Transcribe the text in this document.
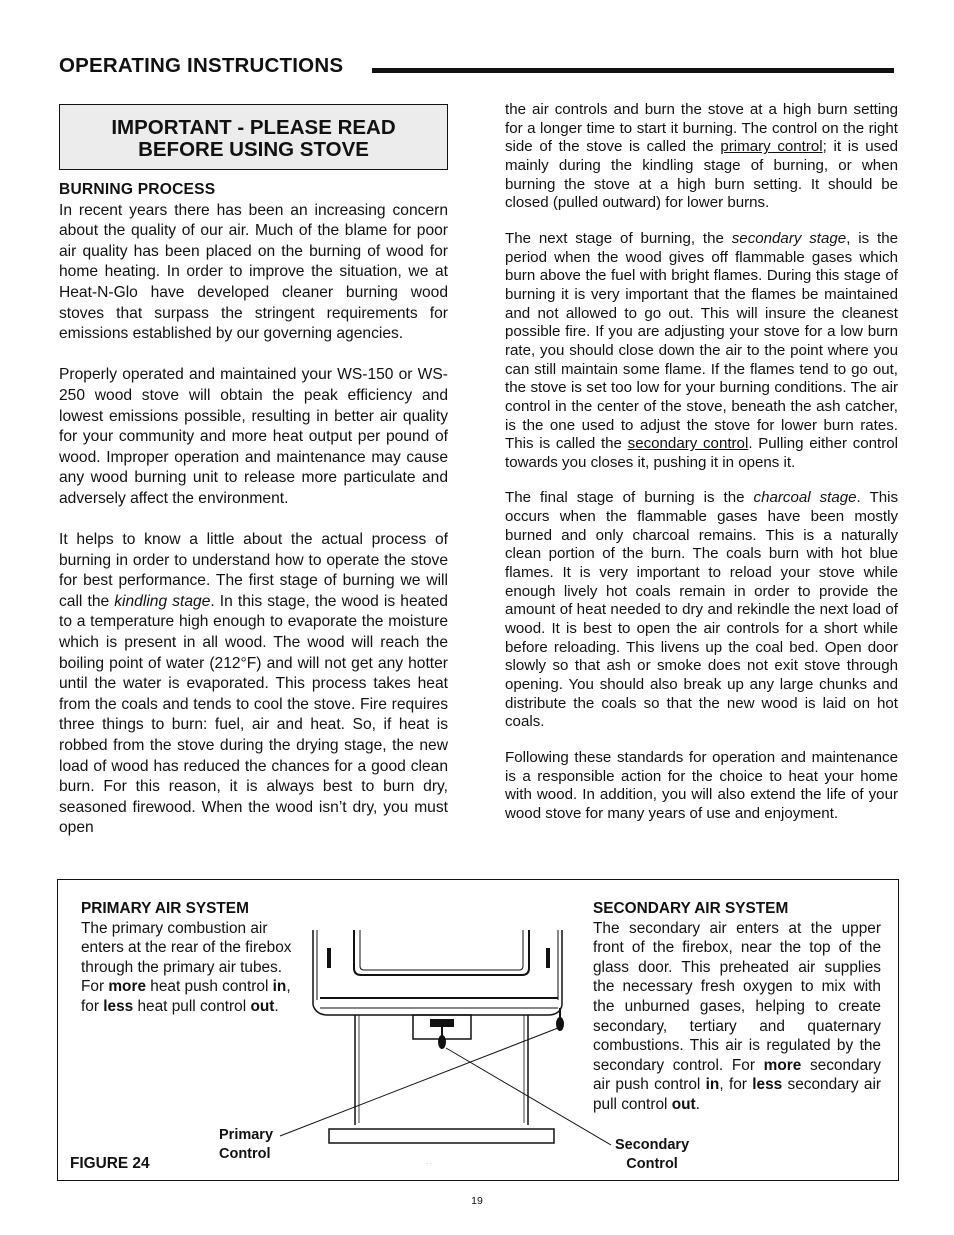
OPERATING INSTRUCTIONS
IMPORTANT - PLEASE READ
BEFORE USING STOVE
BURNING PROCESS

In recent years there has been an increasing concern about the quality of our air. Much of the blame for poor air quality has been placed on the burning of wood for home heating. In order to improve the situation, we at Heat-N-Glo have developed cleaner burning wood stoves that surpass the stringent requirements for emissions established by our governing agencies.

Properly operated and maintained your WS-150 or WS-250 wood stove will obtain the peak efficiency and lowest emissions possible, resulting in better air quality for your community and more heat output per pound of wood. Improper operation and maintenance may cause any wood burning unit to release more particulate and adversely affect the environment.

It helps to know a little about the actual process of burning in order to understand how to operate the stove for best performance. The first stage of burning we will call the kindling stage. In this stage, the wood is heated to a temperature high enough to evaporate the moisture which is present in all wood. The wood will reach the boiling point of water (212°F) and will not get any hotter until the water is evaporated. This process takes heat from the coals and tends to cool the stove. Fire requires three things to burn: fuel, air and heat. So, if heat is robbed from the stove during the drying stage, the new load of wood has reduced the chances for a good clean burn. For this reason, it is always best to burn dry, seasoned firewood. When the wood isn’t dry, you must open

the air controls and burn the stove at a high burn setting for a longer time to start it burning. The control on the right side of the stove is called the primary control; it is used mainly during the kindling stage of burning, or when burning the stove at a high burn setting. It should be closed (pulled outward) for lower burns.

The next stage of burning, the secondary stage, is the period when the wood gives off flammable gases which burn above the fuel with bright flames. During this stage of burning it is very important that the flames be maintained and not allowed to go out. This will insure the cleanest possible fire. If you are adjusting your stove for a low burn rate, you should close down the air to the point where you can still maintain some flame. If the flames tend to go out, the stove is set too low for your burning conditions. The air control in the center of the stove, beneath the ash catcher, is the one used to adjust the stove for lower burn rates. This is called the secondary control. Pulling either control towards you closes it, pushing it in opens it.

The final stage of burning is the charcoal stage. This occurs when the flammable gases have been mostly burned and only charcoal remains. This is a naturally clean portion of the burn. The coals burn with hot blue flames. It is very important to reload your stove while enough lively hot coals remain in order to provide the amount of heat needed to dry and rekindle the next load of wood. It is best to open the air controls for a short while before reloading. This livens up the coal bed. Open door slowly so that ash or smoke does not exit stove through opening. You should also break up any large chunks and distribute the coals so that the new wood is laid on hot coals.

Following these standards for operation and maintenance is a responsible action for the choice to heat your home with wood. In addition, you will also extend the life of your wood stove for many years of use and enjoyment.

. .
PRIMARY AIR SYSTEM
The primary combustion air enters at the rear of the firebox through the primary air tubes. For more heat push control in, for less heat pull control out.
SECONDARY AIR SYSTEM
The secondary air enters at the upper front of the firebox, near the top of the glass door. This preheated air supplies the necessary fresh oxygen to mix with the unburned gases, helping to create secondary, tertiary and quaternary combustions. This air is regulated by the secondary control. For more secondary air push control in, for less secondary air pull control out.
Primary
Control
Secondary
Control
FIGURE 24
19
